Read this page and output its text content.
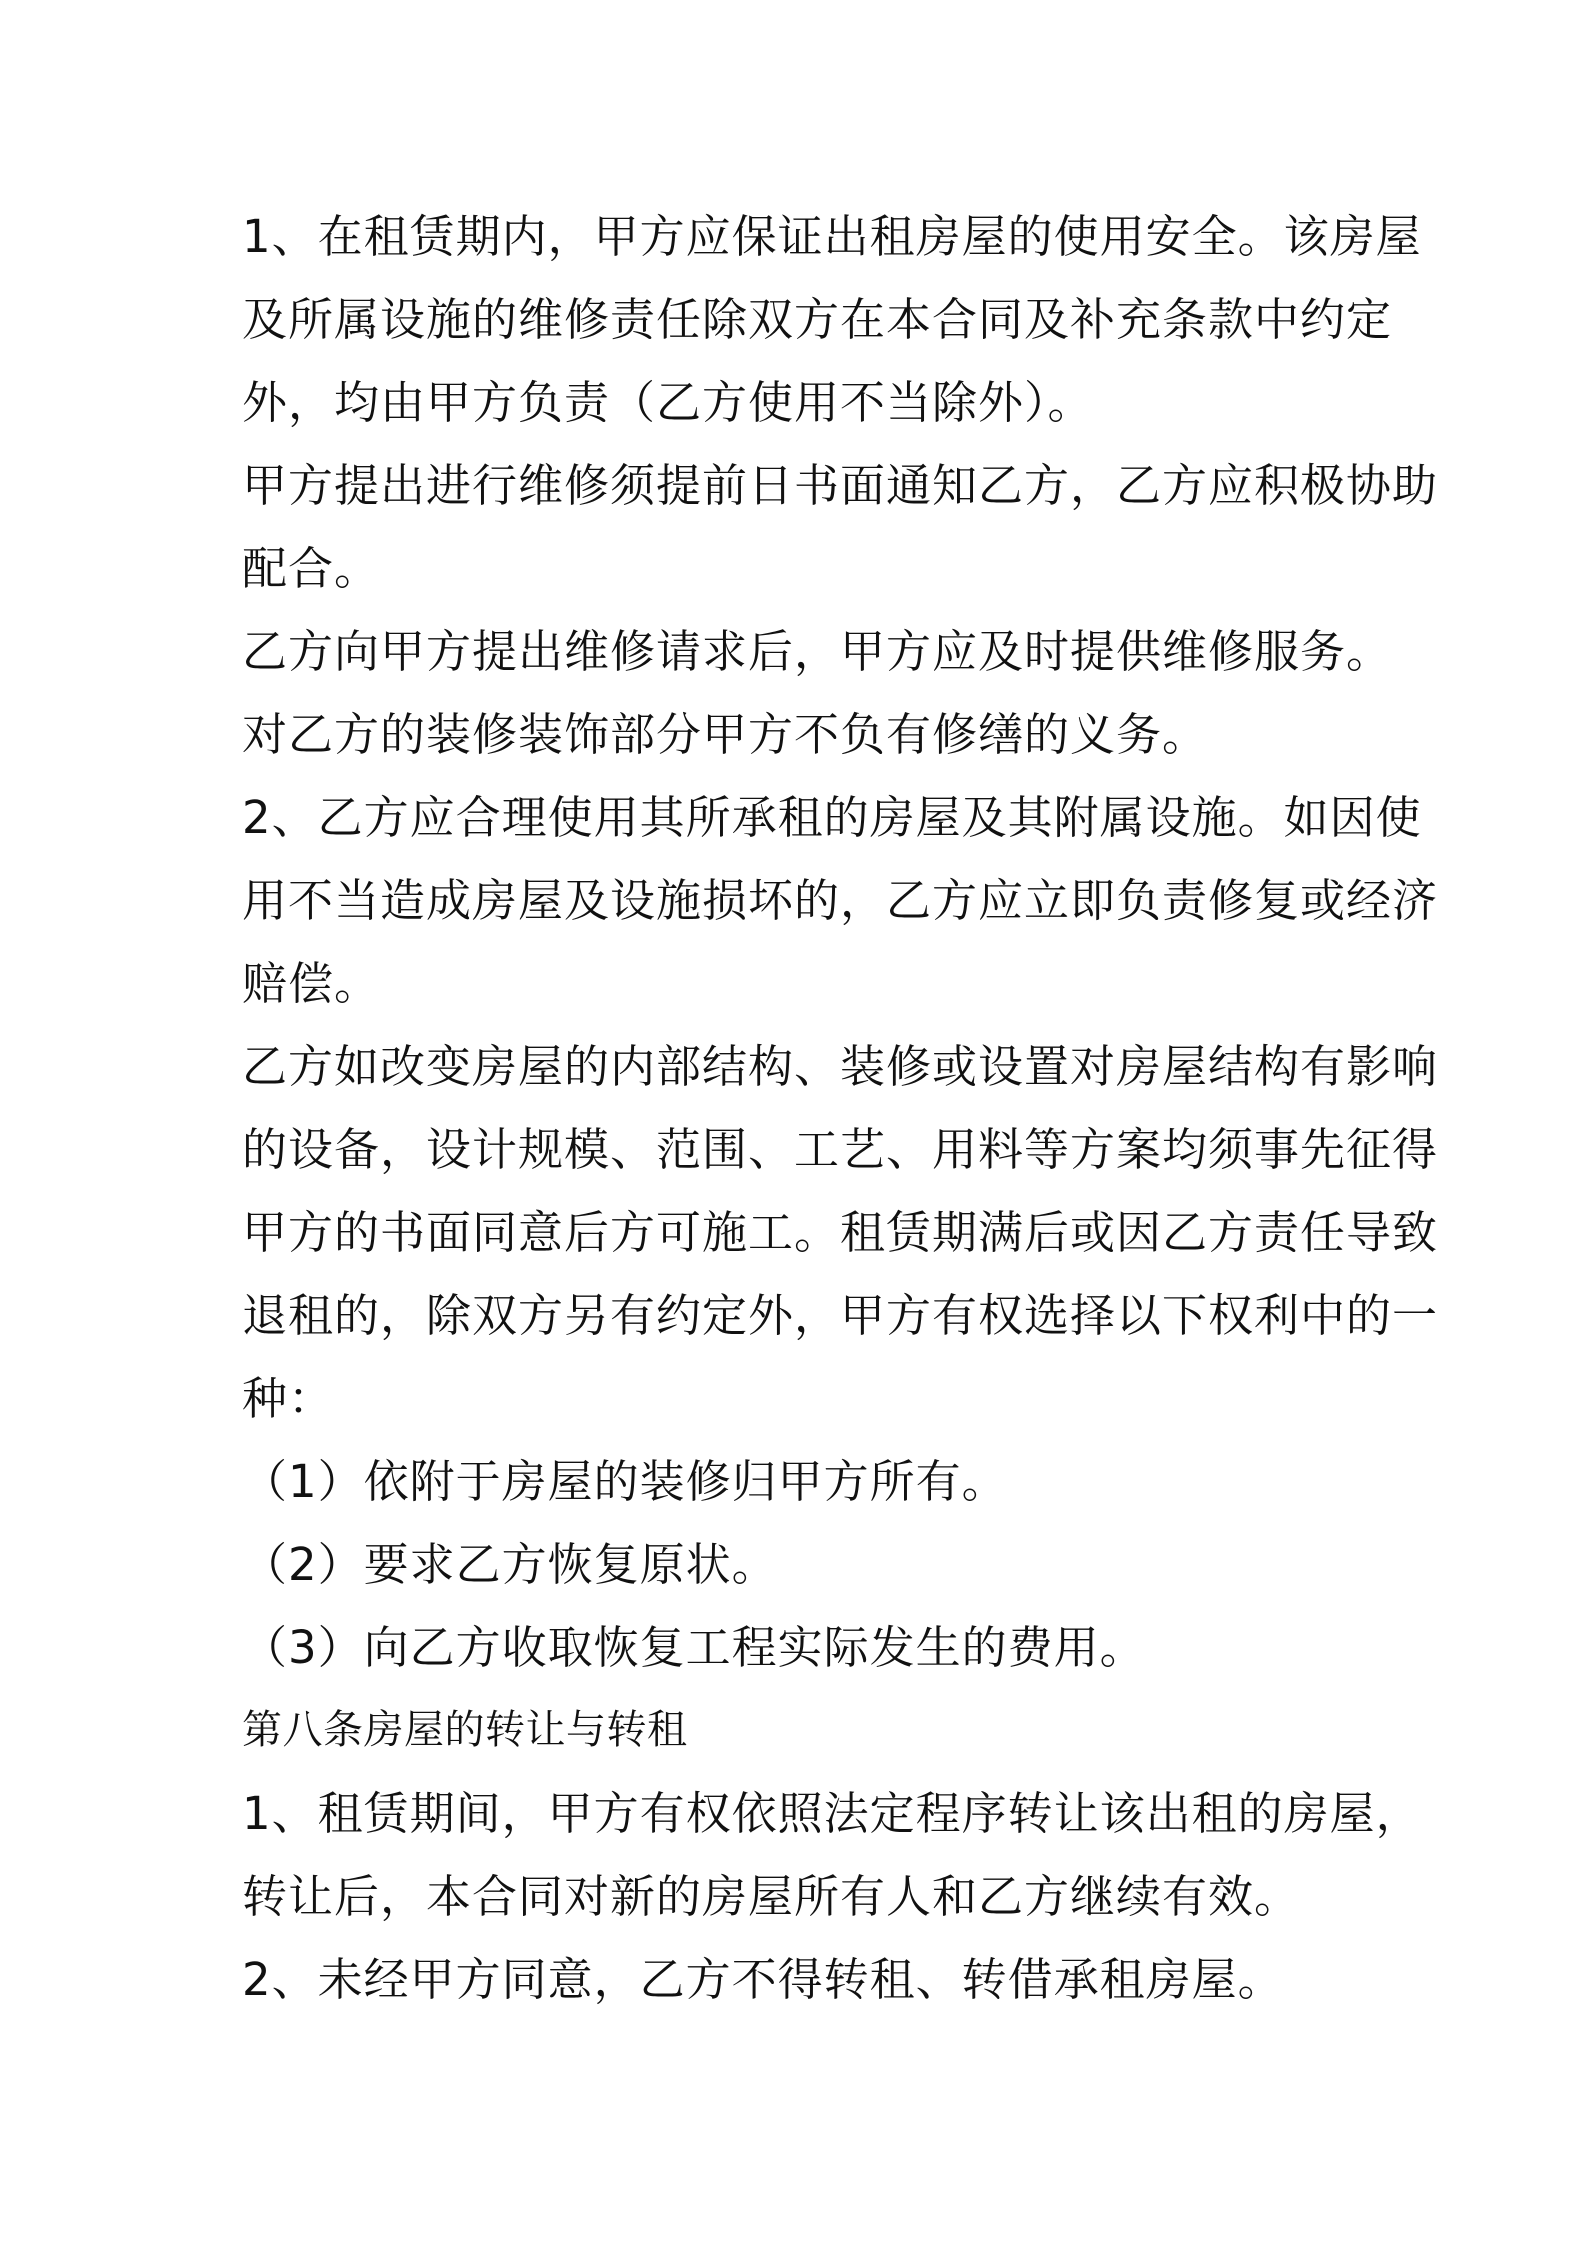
1、在租赁期内，甲方应保证出租房屋的使用安全。该房屋
及所属设施的维修责任除双方在本合同及补充条款中约定
外，均由甲方负责（乙方使用不当除外）。
甲方提出进行维修须提前日书面通知乙方，乙方应积极协助
配合。
乙方向甲方提出维修请求后，甲方应及时提供维修服务。
对乙方的装修装饰部分甲方不负有修缮的义务。
2、乙方应合理使用其所承租的房屋及其附属设施。如因使
用不当造成房屋及设施损坏的，乙方应立即负责修复或经济
赔偿。
乙方如改变房屋的内部结构、装修或设置对房屋结构有影响
的设备，设计规模、范围、工艺、用料等方案均须事先征得
甲方的书面同意后方可施工。租赁期满后或因乙方责任导致
退租的，除双方另有约定外，甲方有权选择以下权利中的一
种：
（1）依附于房屋的装修归甲方所有。
（2）要求乙方恢复原状。
（3）向乙方收取恢复工程实际发生的费用。
第八条房屋的转让与转租
1、租赁期间，甲方有权依照法定程序转让该出租的房屋，
转让后，本合同对新的房屋所有人和乙方继续有效。
2、未经甲方同意，乙方不得转租、转借承租房屋。
